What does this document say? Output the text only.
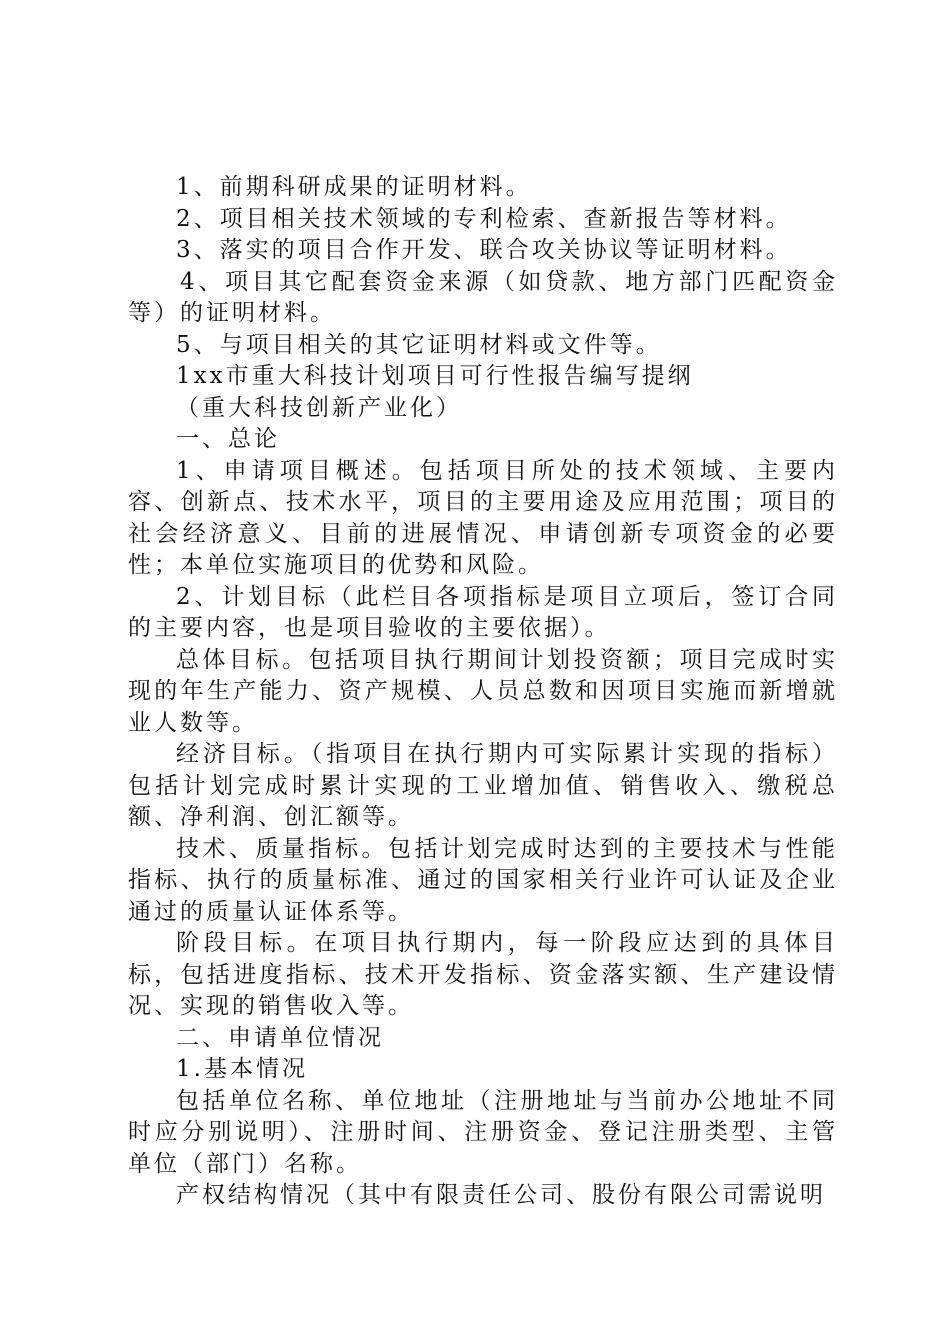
1、前期科研成果的证明材料。

2、项目相关技术领域的专利检索、查新报告等材料。

3、落实的项目合作开发、联合攻关协议等证明材料。

4、项目其它配套资金来源（如贷款、地方部门匹配资金等）的证明材料。

5、与项目相关的其它证明材料或文件等。

1xx市重大科技计划项目可行性报告编写提纲

（重大科技创新产业化）

一、总论

1、申请项目概述。包括项目所处的技术领域、主要内容、创新点、技术水平，项目的主要用途及应用范围；项目的社会经济意义、目前的进展情况、申请创新专项资金的必要性；本单位实施项目的优势和风险。

2、计划目标（此栏目各项指标是项目立项后，签订合同的主要内容，也是项目验收的主要依据）。

总体目标。包括项目执行期间计划投资额；项目完成时实现的年生产能力、资产规模、人员总数和因项目实施而新增就业人数等。

经济目标。（指项目在执行期内可实际累计实现的指标）包括计划完成时累计实现的工业增加值、销售收入、缴税总额、净利润、创汇额等。

技术、质量指标。包括计划完成时达到的主要技术与性能指标、执行的质量标准、通过的国家相关行业许可认证及企业通过的质量认证体系等。

阶段目标。在项目执行期内，每一阶段应达到的具体目标，包括进度指标、技术开发指标、资金落实额、生产建设情况、实现的销售收入等。

二、申请单位情况

1.基本情况

包括单位名称、单位地址（注册地址与当前办公地址不同时应分别说明）、注册时间、注册资金、登记注册类型、主管单位（部门）名称。

产权结构情况（其中有限责任公司、股份有限公司需说明
